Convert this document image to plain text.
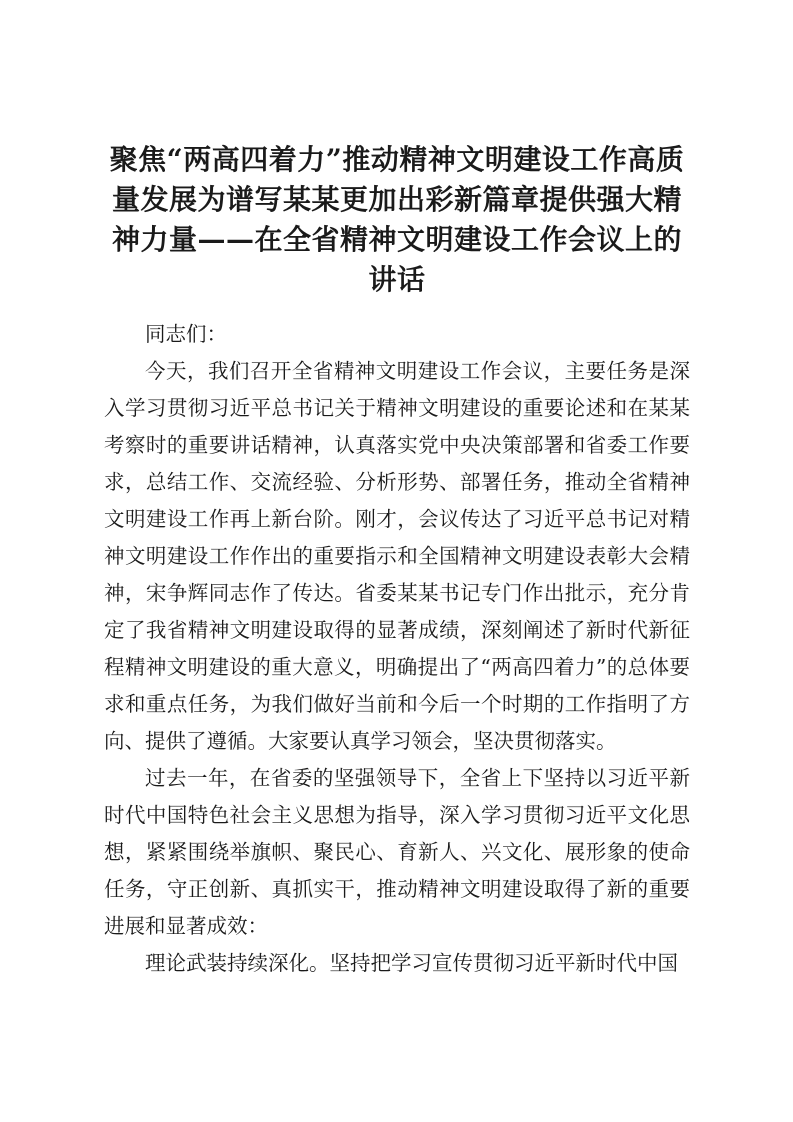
聚焦“两高四着力”推动精神文明建设工作高质量发展为谱写某某更加出彩新篇章提供强大精神力量——在全省精神文明建设工作会议上的讲话

同志们：

今天，我们召开全省精神文明建设工作会议，主要任务是深入学习贯彻习近平总书记关于精神文明建设的重要论述和在某某考察时的重要讲话精神，认真落实党中央决策部署和省委工作要求，总结工作、交流经验、分析形势、部署任务，推动全省精神文明建设工作再上新台阶。刚才，会议传达了习近平总书记对精神文明建设工作作出的重要指示和全国精神文明建设表彰大会精神，宋争辉同志作了传达。省委某某书记专门作出批示，充分肯定了我省精神文明建设取得的显著成绩，深刻阐述了新时代新征程精神文明建设的重大意义，明确提出了“两高四着力”的总体要求和重点任务，为我们做好当前和今后一个时期的工作指明了方向、提供了遵循。大家要认真学习领会，坚决贯彻落实。

过去一年，在省委的坚强领导下，全省上下坚持以习近平新时代中国特色社会主义思想为指导，深入学习贯彻习近平文化思想，紧紧围绕举旗帜、聚民心、育新人、兴文化、展形象的使命任务，守正创新、真抓实干，推动精神文明建设取得了新的重要进展和显著成效：

理论武装持续深化。坚持把学习宣传贯彻习近平新时代中国
